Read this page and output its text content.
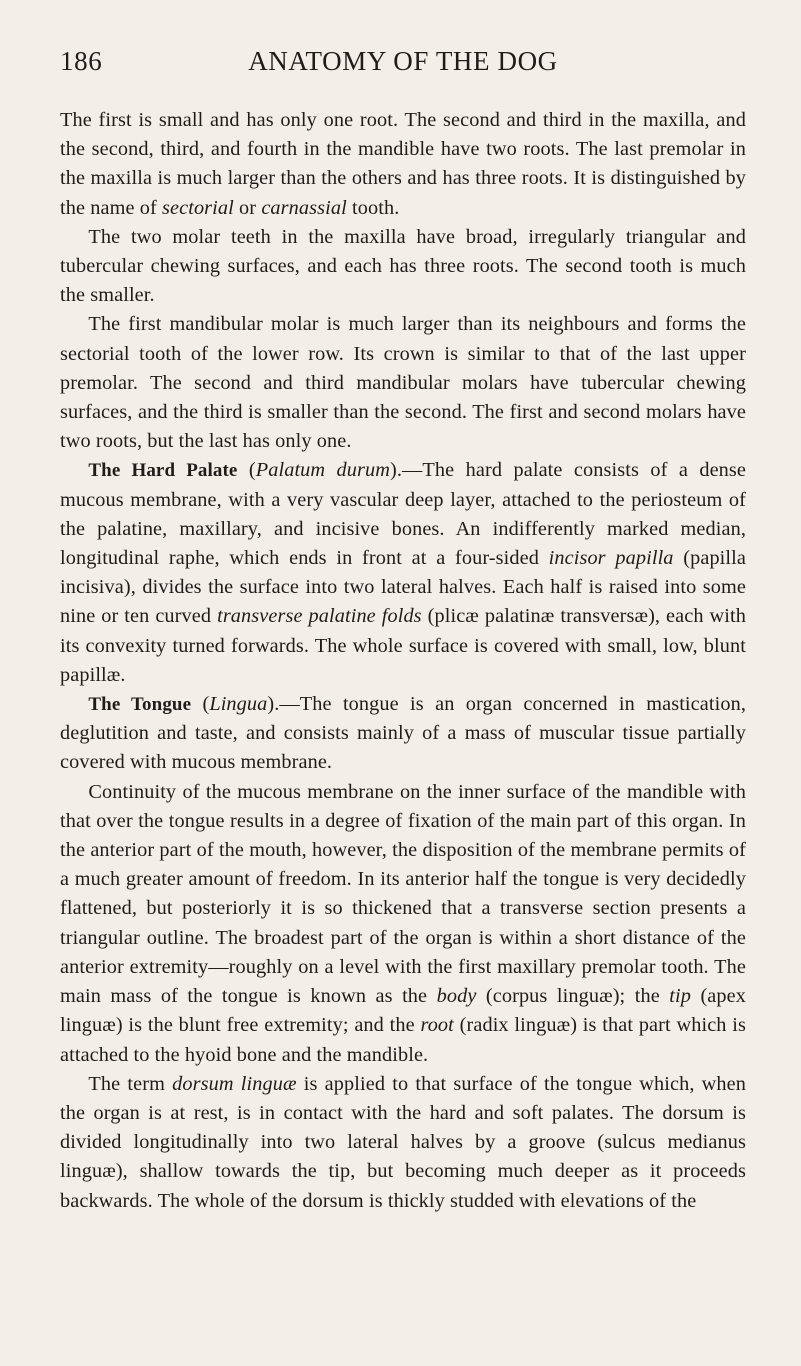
186	ANATOMY OF THE DOG

The first is small and has only one root. The second and third in the maxilla, and the second, third, and fourth in the mandible have two roots. The last premolar in the maxilla is much larger than the others and has three roots. It is distinguished by the name of sectorial or carnassial tooth.

The two molar teeth in the maxilla have broad, irregularly triangular and tubercular chewing surfaces, and each has three roots. The second tooth is much the smaller.

The first mandibular molar is much larger than its neighbours and forms the sectorial tooth of the lower row. Its crown is similar to that of the last upper premolar. The second and third mandibular molars have tubercular chewing surfaces, and the third is smaller than the second. The first and second molars have two roots, but the last has only one.

The Hard Palate (Palatum durum).—The hard palate consists of a dense mucous membrane, with a very vascular deep layer, attached to the periosteum of the palatine, maxillary, and incisive bones. An indifferently marked median, longitudinal raphe, which ends in front at a four-sided incisor papilla (papilla incisiva), divides the surface into two lateral halves. Each half is raised into some nine or ten curved transverse palatine folds (plicæ palatinæ transversæ), each with its convexity turned forwards. The whole surface is covered with small, low, blunt papillæ.

The Tongue (Lingua).—The tongue is an organ concerned in mastication, deglutition and taste, and consists mainly of a mass of muscular tissue partially covered with mucous membrane.

Continuity of the mucous membrane on the inner surface of the mandible with that over the tongue results in a degree of fixation of the main part of this organ. In the anterior part of the mouth, however, the disposition of the membrane permits of a much greater amount of freedom. In its anterior half the tongue is very decidedly flattened, but posteriorly it is so thickened that a transverse section presents a triangular outline. The broadest part of the organ is within a short distance of the anterior extremity—roughly on a level with the first maxillary premolar tooth. The main mass of the tongue is known as the body (corpus linguæ); the tip (apex linguæ) is the blunt free extremity; and the root (radix linguæ) is that part which is attached to the hyoid bone and the mandible.

The term dorsum linguæ is applied to that surface of the tongue which, when the organ is at rest, is in contact with the hard and soft palates. The dorsum is divided longitudinally into two lateral halves by a groove (sulcus medianus linguæ), shallow towards the tip, but becoming much deeper as it proceeds backwards. The whole of the dorsum is thickly studded with elevations of the
